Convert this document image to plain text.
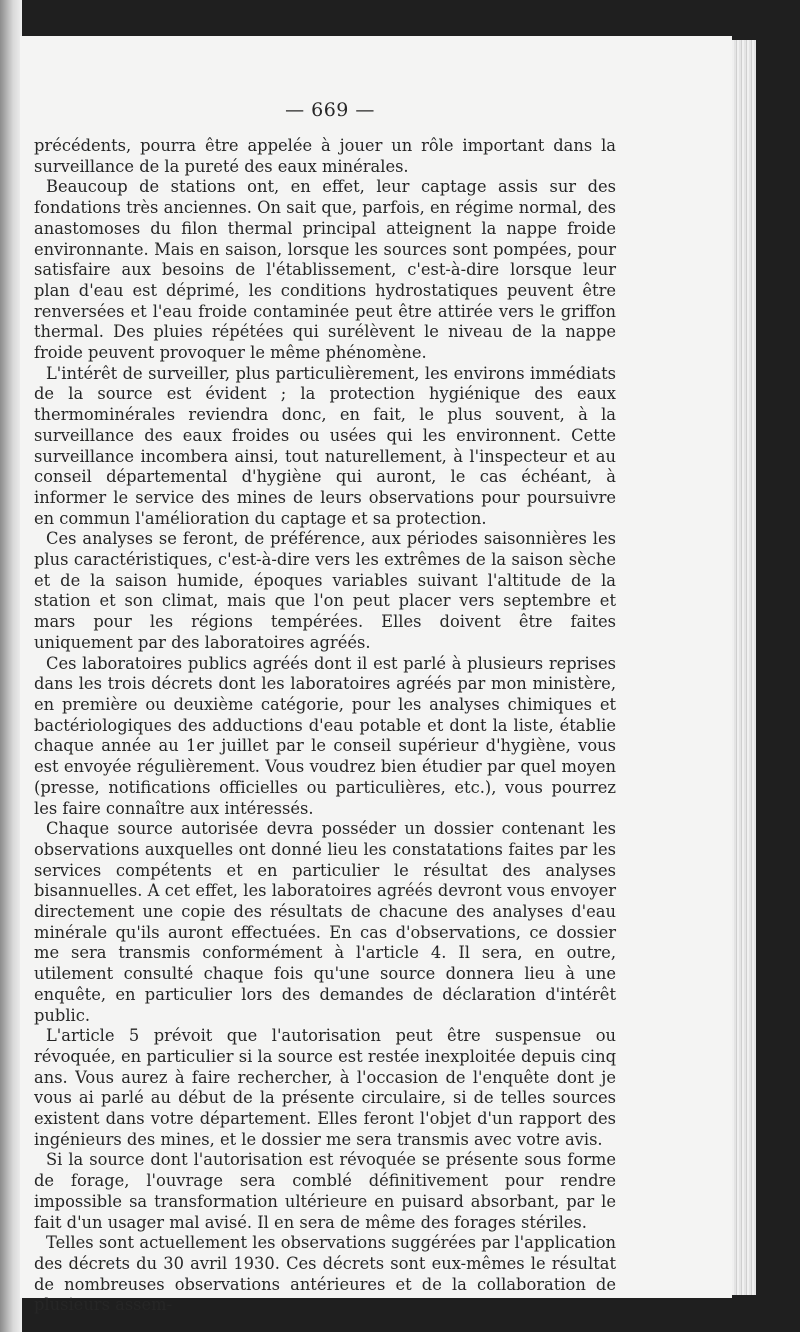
— 669 —

précédents, pourra être appelée à jouer un rôle important dans la surveillance de la pureté des eaux minérales.

Beaucoup de stations ont, en effet, leur captage assis sur des fondations très anciennes. On sait que, parfois, en régime normal, des anastomoses du filon thermal principal atteignent la nappe froide environnante. Mais en saison, lorsque les sources sont pompées, pour satisfaire aux besoins de l'établissement, c'est-à-dire lorsque leur plan d'eau est déprimé, les conditions hydrostatiques peuvent être renversées et l'eau froide contaminée peut être attirée vers le griffon thermal. Des pluies répétées qui surélèvent le niveau de la nappe froide peuvent provoquer le même phénomène.

L'intérêt de surveiller, plus particulièrement, les environs immédiats de la source est évident ; la protection hygiénique des eaux thermominérales reviendra donc, en fait, le plus souvent, à la surveillance des eaux froides ou usées qui les environnent. Cette surveillance incombera ainsi, tout naturellement, à l'inspecteur et au conseil départemental d'hygiène qui auront, le cas échéant, à informer le service des mines de leurs observations pour poursuivre en commun l'amélioration du captage et sa protection.

Ces analyses se feront, de préférence, aux périodes saisonnières les plus caractéristiques, c'est-à-dire vers les extrêmes de la saison sèche et de la saison humide, époques variables suivant l'altitude de la station et son climat, mais que l'on peut placer vers septembre et mars pour les régions tempérées. Elles doivent être faites uniquement par des laboratoires agréés.

Ces laboratoires publics agréés dont il est parlé à plusieurs reprises dans les trois décrets dont les laboratoires agréés par mon ministère, en première ou deuxième catégorie, pour les analyses chimiques et bactériologiques des adductions d'eau potable et dont la liste, établie chaque année au 1er juillet par le conseil supérieur d'hygiène, vous est envoyée régulièrement. Vous voudrez bien étudier par quel moyen (presse, notifications officielles ou particulières, etc.), vous pourrez les faire connaître aux intéressés.

Chaque source autorisée devra posséder un dossier contenant les observations auxquelles ont donné lieu les constatations faites par les services compétents et en particulier le résultat des analyses bisannuelles. A cet effet, les laboratoires agréés devront vous envoyer directement une copie des résultats de chacune des analyses d'eau minérale qu'ils auront effectuées. En cas d'observations, ce dossier me sera transmis conformément à l'article 4. Il sera, en outre, utilement consulté chaque fois qu'une source donnera lieu à une enquête, en particulier lors des demandes de déclaration d'intérêt public.

L'article 5 prévoit que l'autorisation peut être suspensue ou révoquée, en particulier si la source est restée inexploitée depuis cinq ans. Vous aurez à faire rechercher, à l'occasion de l'enquête dont je vous ai parlé au début de la présente circulaire, si de telles sources existent dans votre département. Elles feront l'objet d'un rapport des ingénieurs des mines, et le dossier me sera transmis avec votre avis.

Si la source dont l'autorisation est révoquée se présente sous forme de forage, l'ouvrage sera comblé définitivement pour rendre impossible sa transformation ultérieure en puisard absorbant, par le fait d'un usager mal avisé. Il en sera de même des forages stériles.

Telles sont actuellement les observations suggérées par l'application des décrets du 30 avril 1930. Ces décrets sont eux-mêmes le résultat de nombreuses observations antérieures et de la collaboration de plusieurs assem-
